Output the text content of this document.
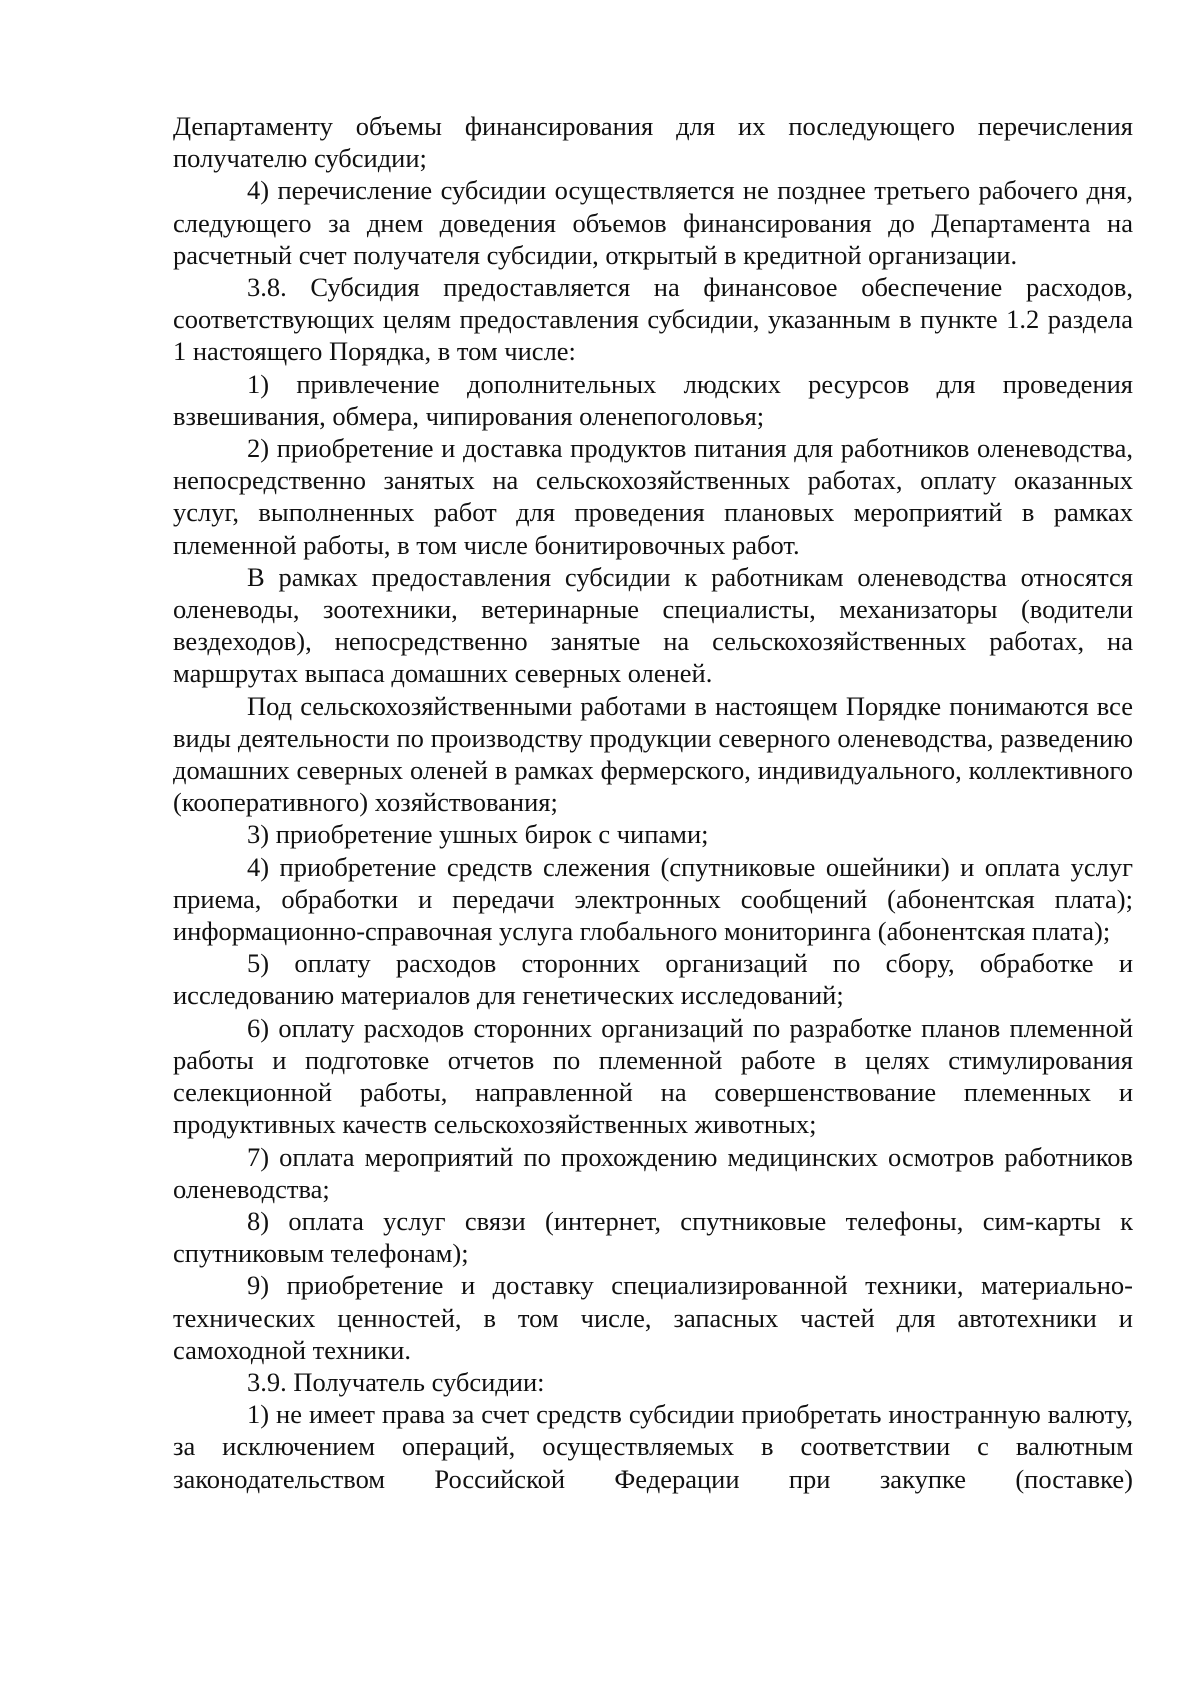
Департаменту объемы финансирования для их последующего перечисления получателю субсидии;

4) перечисление субсидии осуществляется не позднее третьего рабочего дня, следующего за днем доведения объемов финансирования до Департамента на расчетный счет получателя субсидии, открытый в кредитной организации.

3.8. Субсидия предоставляется на финансовое обеспечение расходов, соответствующих целям предоставления субсидии, указанным в пункте 1.2 раздела 1 настоящего Порядка, в том числе:

1) привлечение дополнительных людских ресурсов для проведения взвешивания, обмера, чипирования оленепоголовья;

2) приобретение и доставка продуктов питания для работников оленеводства, непосредственно занятых на сельскохозяйственных работах, оплату оказанных услуг, выполненных работ для проведения плановых мероприятий в рамках племенной работы, в том числе бонитировочных работ.

В рамках предоставления субсидии к работникам оленеводства относятся оленеводы, зоотехники, ветеринарные специалисты, механизаторы (водители вездеходов), непосредственно занятые на сельскохозяйственных работах, на маршрутах выпаса домашних северных оленей.

Под сельскохозяйственными работами в настоящем Порядке понимаются все виды деятельности по производству продукции северного оленеводства, разведению домашних северных оленей в рамках фермерского, индивидуального, коллективного (кооперативного) хозяйствования;

3) приобретение ушных бирок с чипами;

4) приобретение средств слежения (спутниковые ошейники) и оплата услуг приема, обработки и передачи электронных сообщений (абонентская плата); информационно-справочная услуга глобального мониторинга (абонентская плата);

5) оплату расходов сторонних организаций по сбору, обработке и исследованию материалов для генетических исследований;

6) оплату расходов сторонних организаций по разработке планов племенной работы и подготовке отчетов по племенной работе в целях стимулирования селекционной работы, направленной на совершенствование племенных и продуктивных качеств сельскохозяйственных животных;

7) оплата мероприятий по прохождению медицинских осмотров работников оленеводства;

8) оплата услуг связи (интернет, спутниковые телефоны, сим-карты к спутниковым телефонам);

9) приобретение и доставку специализированной техники, материально-технических ценностей, в том числе, запасных частей для автотехники и самоходной техники.

3.9. Получатель субсидии:

1) не имеет права за счет средств субсидии приобретать иностранную валюту, за исключением операций, осуществляемых в соответствии с валютным законодательством Российской Федерации при закупке (поставке)
